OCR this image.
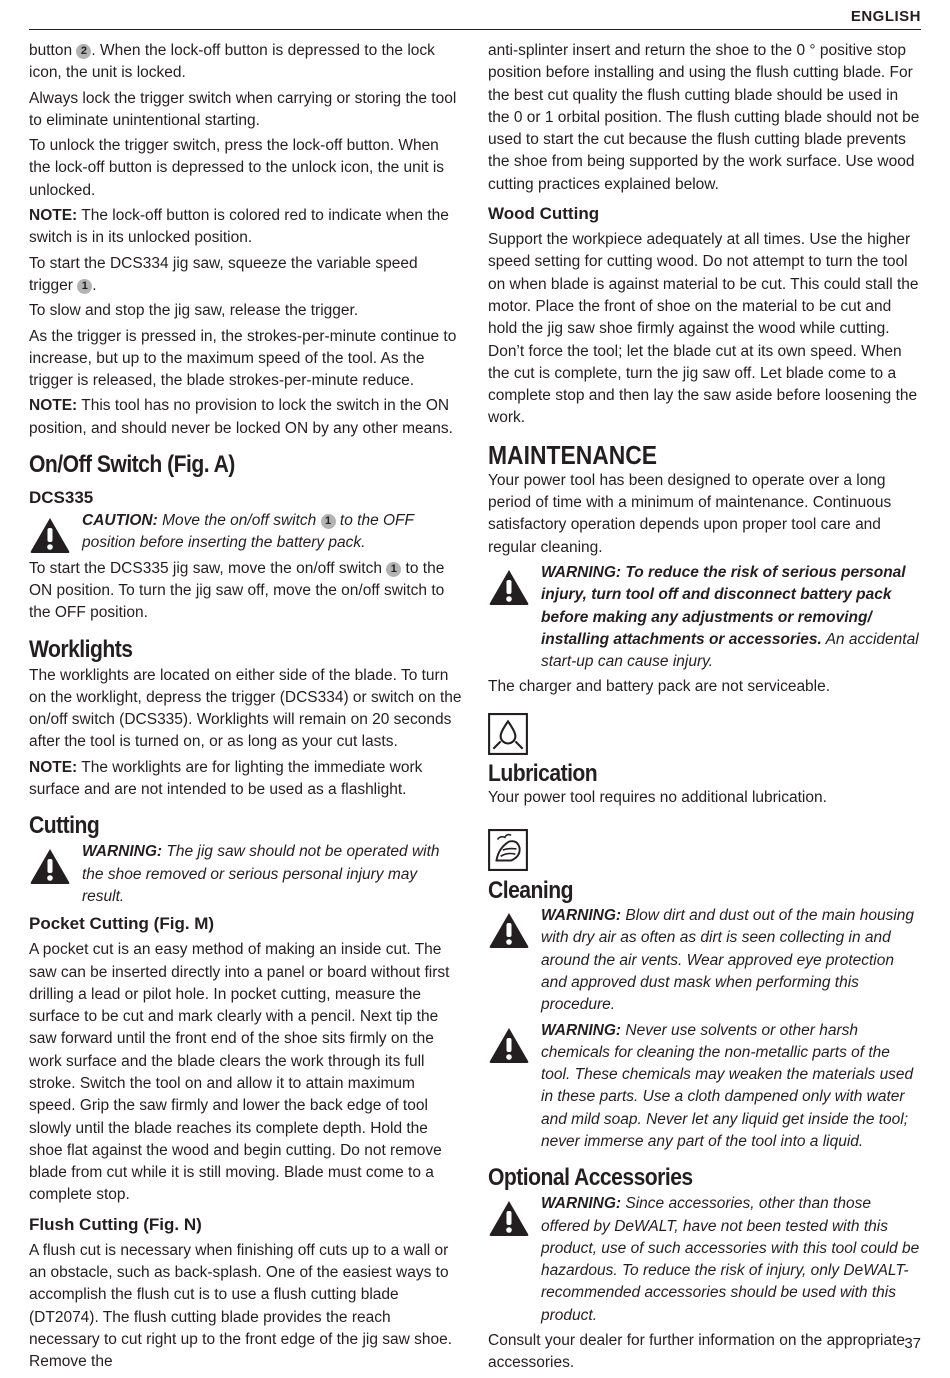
ENGLISH

button 2 . When the lock-off button is depressed to the lock icon, the unit is locked.

Always lock the trigger switch when carrying or storing the tool to eliminate unintentional starting.

To unlock the trigger switch, press the lock-off button. When the lock-off button is depressed to the unlock icon, the unit is unlocked.

NOTE: The lock-off button is colored red to indicate when the switch is in its unlocked position.

To start the DCS334 jig saw, squeeze the variable speed trigger 1 .

To slow and stop the jig saw, release the trigger.

As the trigger is pressed in, the strokes-per-minute continue to increase, but up to the maximum speed of the tool. As the trigger is released, the blade strokes-per-minute reduce.

NOTE: This tool has no provision to lock the switch in the ON position, and should never be locked ON by any other means.

On/Off Switch (Fig. A)
DCS335
CAUTION: Move the on/off switch 1 to the OFF position before inserting the battery pack.

To start the DCS335 jig saw, move the on/off switch 1 to the ON position. To turn the jig saw off, move the on/off switch to the OFF position.

Worklights

The worklights are located on either side of the blade. To turn on the worklight, depress the trigger (DCS334) or switch on the on/off switch (DCS335). Worklights will remain on 20 seconds after the tool is turned on, or as long as your cut lasts.

NOTE: The worklights are for lighting the immediate work surface and are not intended to be used as a flashlight.

Cutting
WARNING: The jig saw should not be operated with the shoe removed or serious personal injury may result.
Pocket Cutting (Fig. M)

A pocket cut is an easy method of making an inside cut. The saw can be inserted directly into a panel or board without first drilling a lead or pilot hole. In pocket cutting, measure the surface to be cut and mark clearly with a pencil. Next tip the saw forward until the front end of the shoe sits firmly on the work surface and the blade clears the work through its full stroke. Switch the tool on and allow it to attain maximum speed. Grip the saw firmly and lower the back edge of tool slowly until the blade reaches its complete depth. Hold the shoe flat against the wood and begin cutting. Do not remove blade from cut while it is still moving. Blade must come to a complete stop.

Flush Cutting (Fig. N)

A flush cut is necessary when finishing off cuts up to a wall or an obstacle, such as back-splash. One of the easiest ways to accomplish the flush cut is to use a flush cutting blade (DT2074). The flush cutting blade provides the reach necessary to cut right up to the front edge of the jig saw shoe. Remove the

anti-splinter insert and return the shoe to the 0 ° positive stop position before installing and using the flush cutting blade. For the best cut quality the flush cutting blade should be used in the 0 or 1 orbital position. The flush cutting blade should not be used to start the cut because the flush cutting blade prevents the shoe from being supported by the work surface. Use wood cutting practices explained below.

Wood Cutting

Support the workpiece adequately at all times. Use the higher speed setting for cutting wood. Do not attempt to turn the tool on when blade is against material to be cut. This could stall the motor. Place the front of shoe on the material to be cut and hold the jig saw shoe firmly against the wood while cutting. Don’t force the tool; let the blade cut at its own speed. When the cut is complete, turn the jig saw off. Let blade come to a complete stop and then lay the saw aside before loosening the work.

MAINTENANCE

Your power tool has been designed to operate over a long period of time with a minimum of maintenance. Continuous satisfactory operation depends upon proper tool care and regular cleaning.

WARNING: To reduce the risk of serious personal injury, turn tool off and disconnect battery pack before making any adjustments or removing/ installing attachments or accessories. An accidental start-up can cause injury.

The charger and battery pack are not serviceable.

Lubrication

Your power tool requires no additional lubrication.

Cleaning
WARNING: Blow dirt and dust out of the main housing with dry air as often as dirt is seen collecting in and around the air vents. Wear approved eye protection and approved dust mask when performing this procedure.
WARNING: Never use solvents or other harsh chemicals for cleaning the non-metallic parts of the tool. These chemicals may weaken the materials used in these parts. Use a cloth dampened only with water and mild soap. Never let any liquid get inside the tool; never immerse any part of the tool into a liquid.
Optional Accessories
WARNING: Since accessories, other than those offered by DeWALT, have not been tested with this product, use of such accessories with this tool could be hazardous. To reduce the risk of injury, only DeWALT-recommended accessories should be used with this product.

Consult your dealer for further information on the appropriate accessories.

37
